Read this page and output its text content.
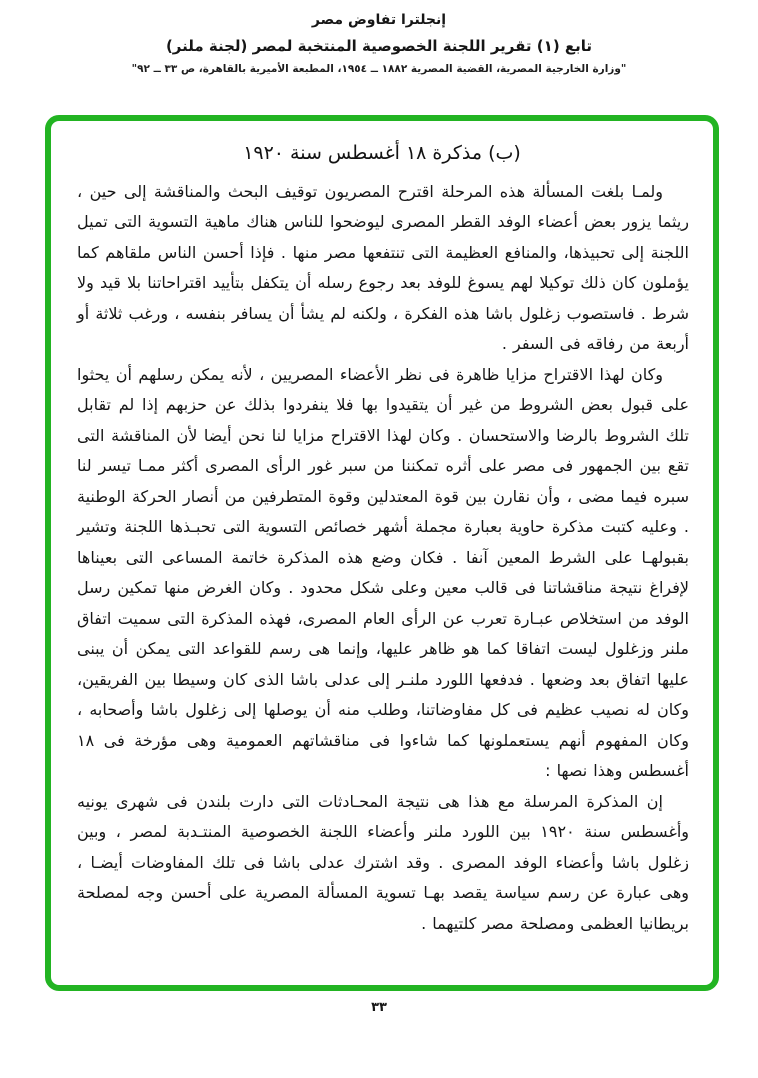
إنجلترا تفاوض مصر
تابع (١) تقرير اللجنة الخصوصية المنتخبة لمصر (لجنة ملنر)
"وزارة الخارجية المصرية، القضية المصرية ١٨٨٢ ــ ١٩٥٤، المطبعة الأميرية بالقاهرة، ص ٣٣ ــ ٩٢"
(ب) مذكرة ١٨ أغسطس سنة ١٩٢٠

ولمـا بلغت المسألة هذه المرحلة اقترح المصريون توقيف البحث والمناقشة إلى حين ، ريثما يزور بعض أعضاء الوفد القطر المصرى ليوضحوا للناس هناك ماهية التسوية التى تميل اللجنة إلى تحبيذها، والمنافع العظيمة التى تنتفعها مصر منها . فإذا أحسن الناس ملقاهم كما يؤملون كان ذلك توكيلا لهم يسوغ للوفد بعد رجوع رسله أن يتكفل بتأييد اقتراحاتنا بلا قيد ولا شرط . فاستصوب زغلول باشا هذه الفكرة ، ولكنه لم يشأ أن يسافر بنفسه ، ورغب ثلاثة أو أربعة من رفاقه فى السفر .

وكان لهذا الاقتراح مزايا ظاهرة فى نظر الأعضاء المصريين ، لأنه يمكن رسلهم أن يحثوا على قبول بعض الشروط من غير أن يتقيدوا بها فلا ينفردوا بذلك عن حزبهم إذا لم تقابل تلك الشروط بالرضا والاستحسان . وكان لهذا الاقتراح مزايا لنا نحن أيضا لأن المناقشة التى تقع بين الجمهور فى مصر على أثره تمكننا من سبر غور الرأى المصرى أكثر ممـا تيسر لنا سبره فيما مضى ، وأن نقارن بين قوة المعتدلين وقوة المتطرفين من أنصار الحركة الوطنية . وعليه كتبت مذكرة حاوية بعبارة مجملة أشهر خصائص التسوية التى تحبـذها اللجنة وتشير بقبولهـا على الشرط المعين آنفا . فكان وضع هذه المذكرة خاتمة المساعى التى بعيناها لإفراغ نتيجة مناقشاتنا فى قالب معين وعلى شكل محدود . وكان الغرض منها تمكين رسل الوفد من استخلاص عبـارة تعرب عن الرأى العام المصرى، فهذه المذكرة التى سميت اتفاق ملنر وزغلول ليست اتفاقا كما هو ظاهر عليها، وإنما هى رسم للقواعد التى يمكن أن يبنى عليها اتفاق بعد وضعها . فدفعها اللورد ملنـر إلى عدلى باشا الذى كان وسيطا بين الفريقين، وكان له نصيب عظيم فى كل مفاوضاتنا، وطلب منه أن يوصلها إلى زغلول باشا وأصحابه ، وكان المفهوم أنهم يستعملونها كما شاءوا فى مناقشاتهم العمومية وهى مؤرخة فى ١٨ أغسطس وهذا نصها :

إن المذكرة المرسلة مع هذا هى نتيجة المحـادثات التى دارت بلندن فى شهرى يونيه وأغسطس سنة ١٩٢٠ بين اللورد ملنر وأعضاء اللجنة الخصوصية المنتـدبة لمصر ، وبين زغلول باشا وأعضاء الوفد المصرى . وقد اشترك عدلى باشا فى تلك المفاوضات أيضـا ، وهى عبارة عن رسم سياسة يقصد بهـا تسوية المسألة المصرية على أحسن وجه لمصلحة بريطانيا العظمى ومصلحة مصر كلتيهما .

٣٣
